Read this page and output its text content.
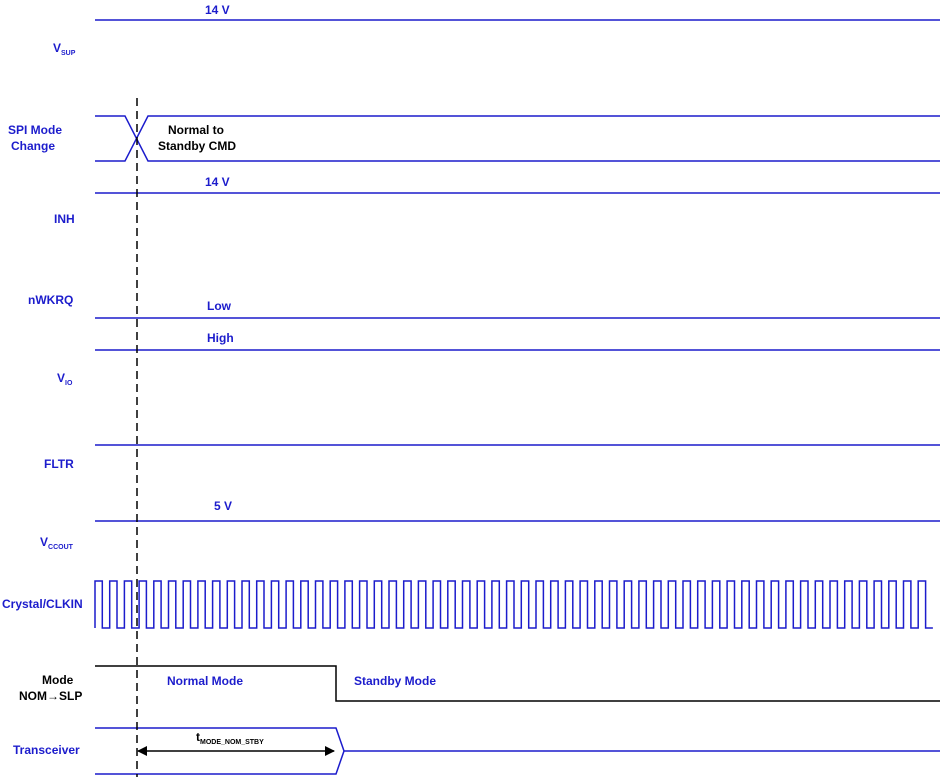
$V_{SUP}$
14 V
SPI Mode
Change
Normal to
Standby CMD
14 V
INH
nWKRQ	Low
High
$V_{IO}$
FLTR
5 V
$V_{CCOUT}$
Crystal/CLKIN
Mode
NOM→SLP
Normal Mode	Standby Mode
Transceiver
$t_{MODE\_NOM\_STBY}$
